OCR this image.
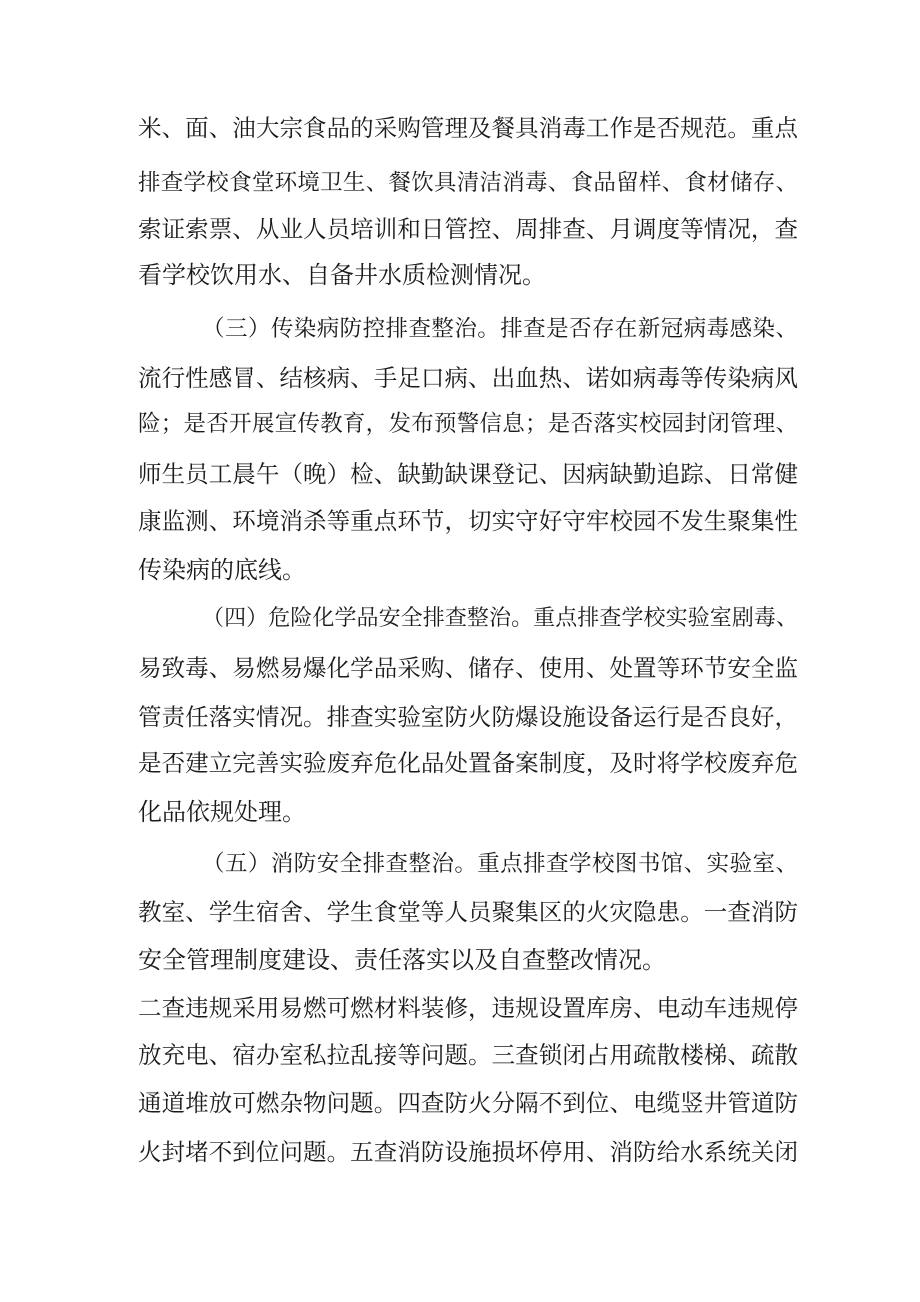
米、面、油大宗食品的采购管理及餐具消毒工作是否规范。重点
排查学校食堂环境卫生、餐饮具清洁消毒、食品留样、食材储存、
索证索票、从业人员培训和日管控、周排查、月调度等情况，查
看学校饮用水、自备井水质检测情况。
（三）传染病防控排查整治。排查是否存在新冠病毒感染、
流行性感冒、结核病、手足口病、出血热、诺如病毒等传染病风
险；是否开展宣传教育，发布预警信息；是否落实校园封闭管理、
师生员工晨午（晚）检、缺勤缺课登记、因病缺勤追踪、日常健
康监测、环境消杀等重点环节，切实守好守牢校园不发生聚集性
传染病的底线。
（四）危险化学品安全排查整治。重点排查学校实验室剧毒、
易致毒、易燃易爆化学品采购、储存、使用、处置等环节安全监
管责任落实情况。排查实验室防火防爆设施设备运行是否良好，
是否建立完善实验废弃危化品处置备案制度，及时将学校废弃危
化品依规处理。
（五）消防安全排查整治。重点排查学校图书馆、实验室、
教室、学生宿舍、学生食堂等人员聚集区的火灾隐患。一查消防
安全管理制度建设、责任落实以及自查整改情况。
二查违规采用易燃可燃材料装修，违规设置库房、电动车违规停
放充电、宿办室私拉乱接等问题。三查锁闭占用疏散楼梯、疏散
通道堆放可燃杂物问题。四查防火分隔不到位、电缆竖井管道防
火封堵不到位问题。五查消防设施损坏停用、消防给水系统关闭
